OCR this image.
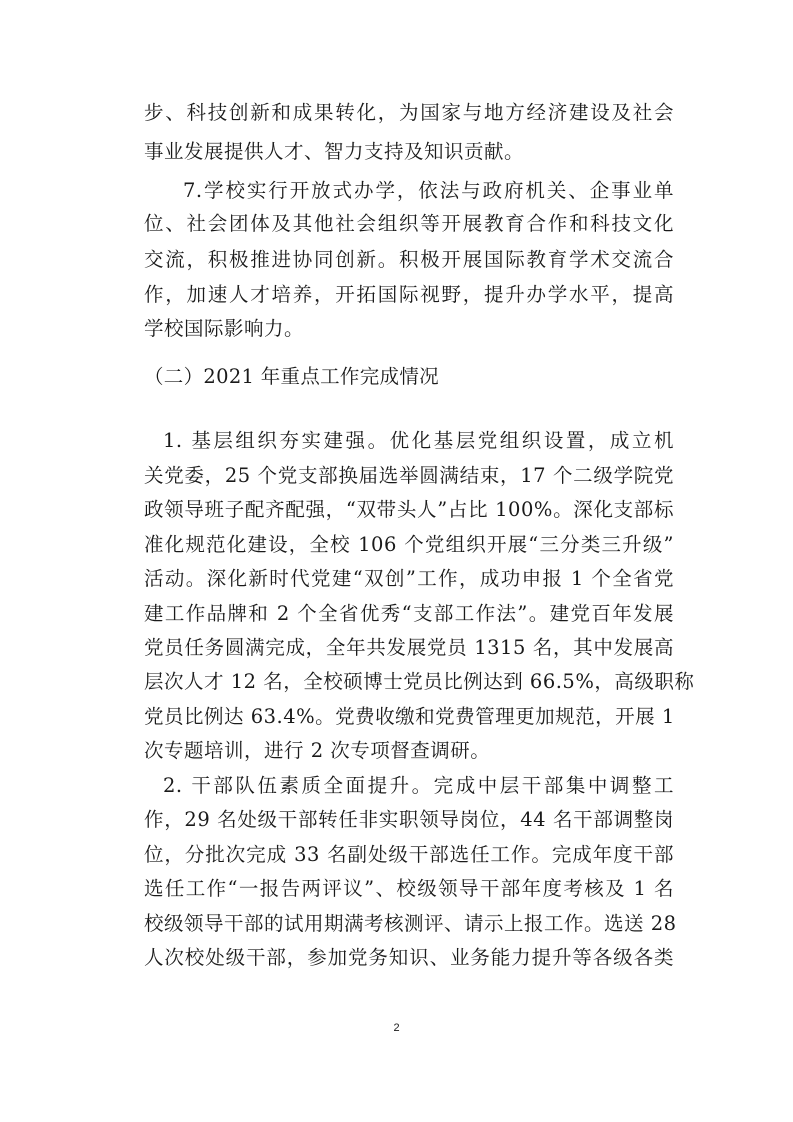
步、科技创新和成果转化，为国家与地方经济建设及社会

事业发展提供人才、智力支持及知识贡献。

7.学校实行开放式办学，依法与政府机关、企事业单

位、社会团体及其他社会组织等开展教育合作和科技文化

交流，积极推进协同创新。积极开展国际教育学术交流合

作，加速人才培养，开拓国际视野，提升办学水平，提高

学校国际影响力。

（二）2021 年重点工作完成情况

1. 基层组织夯实建强。优化基层党组织设置，成立机

关党委，25 个党支部换届选举圆满结束，17 个二级学院党

政领导班子配齐配强，“双带头人”占比 100%。深化支部标

准化规范化建设，全校 106 个党组织开展“三分类三升级”

活动。深化新时代党建“双创”工作，成功申报 1 个全省党

建工作品牌和 2 个全省优秀“支部工作法”。建党百年发展

党员任务圆满完成，全年共发展党员 1315 名，其中发展高

层次人才 12 名，全校硕博士党员比例达到 66.5%，高级职称

党员比例达 63.4%。党费收缴和党费管理更加规范，开展 1

次专题培训，进行 2 次专项督查调研。

2. 干部队伍素质全面提升。完成中层干部集中调整工

作，29 名处级干部转任非实职领导岗位，44 名干部调整岗

位，分批次完成 33 名副处级干部选任工作。完成年度干部

选任工作“一报告两评议”、校级领导干部年度考核及 1 名

校级领导干部的试用期满考核测评、请示上报工作。选送 28

人次校处级干部，参加党务知识、业务能力提升等各级各类

2
